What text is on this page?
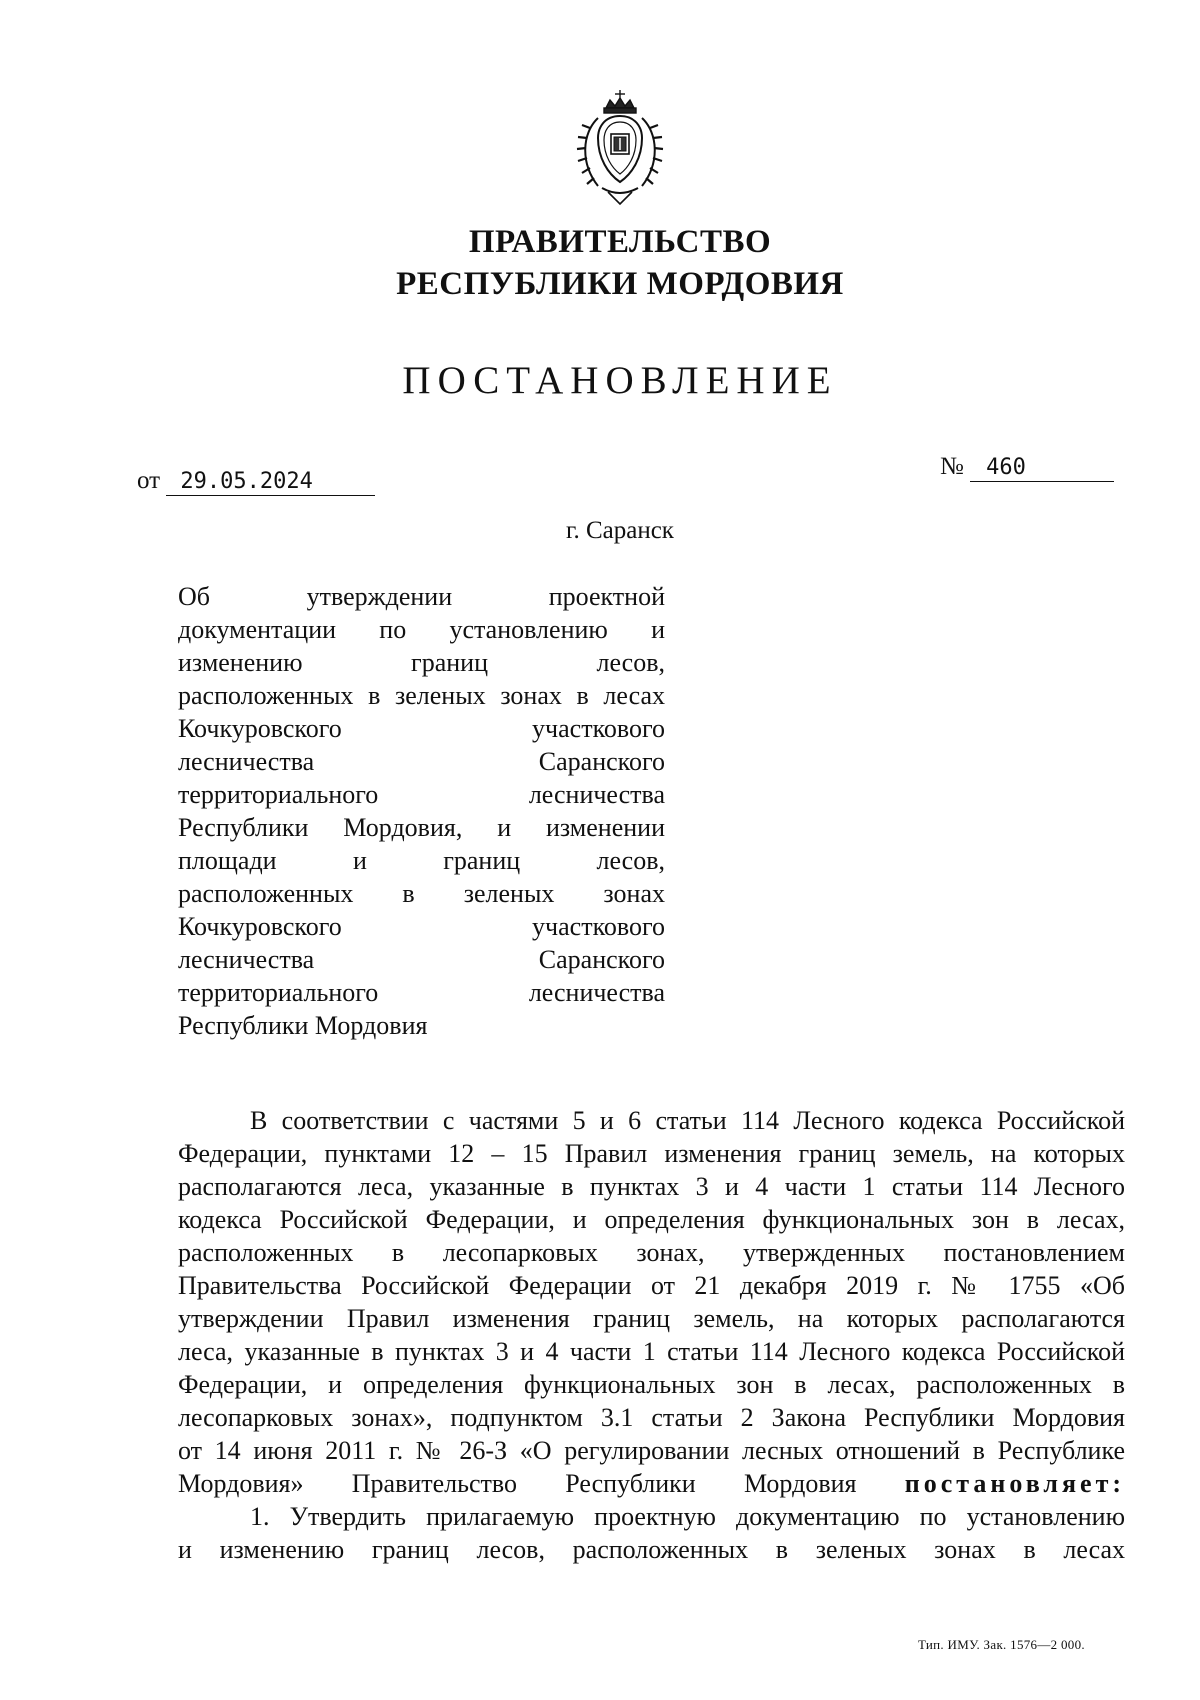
ПРАВИТЕЛЬСТВО
РЕСПУБЛИКИ МОРДОВИЯ
ПОСТАНОВЛЕНИЕ
от 29.05.2024
№ 460
г. Саранск
Об утверждении проектной
документации по установлению и
изменению границ лесов,
расположенных в зеленых зонах в лесах
Кочкуровского участкового
лесничества Саранского
территориального лесничества
Республики Мордовия, и изменении
площади и границ лесов,
расположенных в зеленых зонах
Кочкуровского участкового
лесничества Саранского
территориального лесничества
Республики Мордовия
В соответствии с частями 5 и 6 статьи 114 Лесного кодекса Российской
Федерации, пунктами 12 – 15 Правил изменения границ земель, на которых
располагаются леса, указанные в пунктах 3 и 4 части 1 статьи 114 Лесного
кодекса Российской Федерации, и определения функциональных зон в лесах,
расположенных в лесопарковых зонах, утвержденных постановлением
Правительства Российской Федерации от 21 декабря 2019 г. № 1755 «Об
утверждении Правил изменения границ земель, на которых располагаются
леса, указанные в пунктах 3 и 4 части 1 статьи 114 Лесного кодекса Российской
Федерации, и определения функциональных зон в лесах, расположенных в
лесопарковых зонах», подпунктом 3.1 статьи 2 Закона Республики Мордовия
от 14 июня 2011 г. № 26-З «О регулировании лесных отношений в Республике
Мордовия» Правительство Республики Мордовия постановляет:
1. Утвердить прилагаемую проектную документацию по установлению
и изменению границ лесов, расположенных в зеленых зонах в лесах
Тип. ИМУ. Зак. 1576—2 000.
